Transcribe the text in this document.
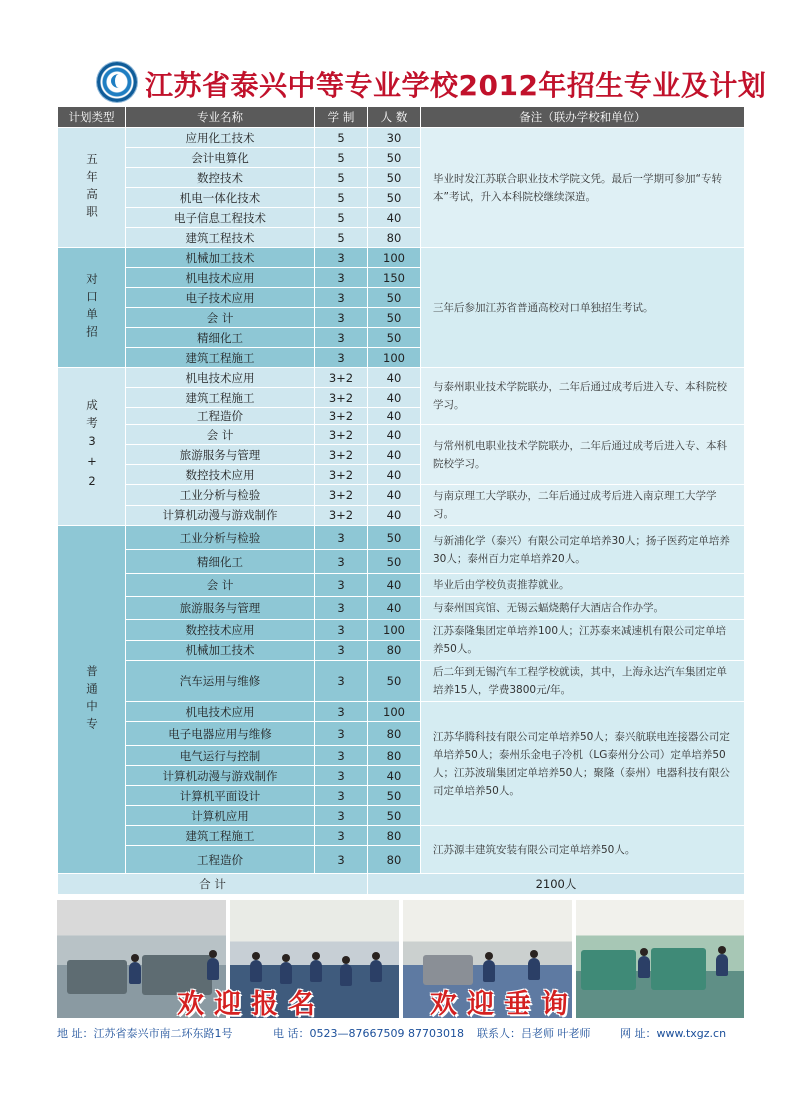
江苏省泰兴中等专业学校2012年招生专业及计划
计划类型	专业名称	学 制	人 数	备注（联办学校和单位）
五年高职	应用化工技术	5	30	毕业时发江苏联合职业技术学院文凭。最后一学期可参加“专转本”考试，升入本科院校继续深造。
	会计电算化	5	50	
	数控技术	5	50	
	机电一体化技术	5	50	
	电子信息工程技术	5	40	
	建筑工程技术	5	80	
对口单招	机械加工技术	3	100	三年后参加江苏省普通高校对口单独招生考试。
	机电技术应用	3	150	
	电子技术应用	3	50	
	会 计	3	50	
	精细化工	3	50	
	建筑工程施工	3	100	
成考3+2	机电技术应用	3+2	40	与泰州职业技术学院联办，二年后通过成考后进入专、本科院校学习。
	建筑工程施工	3+2	40	
	工程造价	3+2	40	
	会 计	3+2	40	与常州机电职业技术学院联办，二年后通过成考后进入专、本科院校学习。
	旅游服务与管理	3+2	40	
	数控技术应用	3+2	40	
	工业分析与检验	3+2	40	与南京理工大学联办，二年后通过成考后进入南京理工大学学习。
	计算机动漫与游戏制作	3+2	40	
普通中专	工业分析与检验	3	50	与新浦化学（泰兴）有限公司定单培养30人；扬子医药定单培养30人；泰州百力定单培养20人。
	精细化工	3	50	
	会 计	3	40	毕业后由学校负责推荐就业。
	旅游服务与管理	3	40	与泰州国宾馆、无锡云蝠烧鹅仔大酒店合作办学。
	数控技术应用	3	100	江苏泰隆集团定单培养100人；江苏泰来减速机有限公司定单培养50人。
	机械加工技术	3	80	
	汽车运用与维修	3	50	后二年到无锡汽车工程学校就读，其中，上海永达汽车集团定单培养15人，学费3800元/年。
	机电技术应用	3	100	江苏华腾科技有限公司定单培养50人；泰兴航联电连接器公司定单培养50人；泰州乐金电子冷机（LG泰州分公司）定单培养50人；江苏波瑞集团定单培养50人；聚隆（泰州）电器科技有限公司定单培养50人。
	电子电器应用与维修	3	80	
	电气运行与控制	3	80	
	计算机动漫与游戏制作	3	40	
	计算机平面设计	3	50	
	计算机应用	3	50	
	建筑工程施工	3	80	江苏源丰建筑安装有限公司定单培养50人。
	工程造价	3	80	
合 计			2100人	
欢迎报名	欢迎垂询
地 址：江苏省泰兴市南二环东路1号	电 话：0523—87667509 87703018 联系人：吕老师 叶老师	网 址：www.txgz.cn
